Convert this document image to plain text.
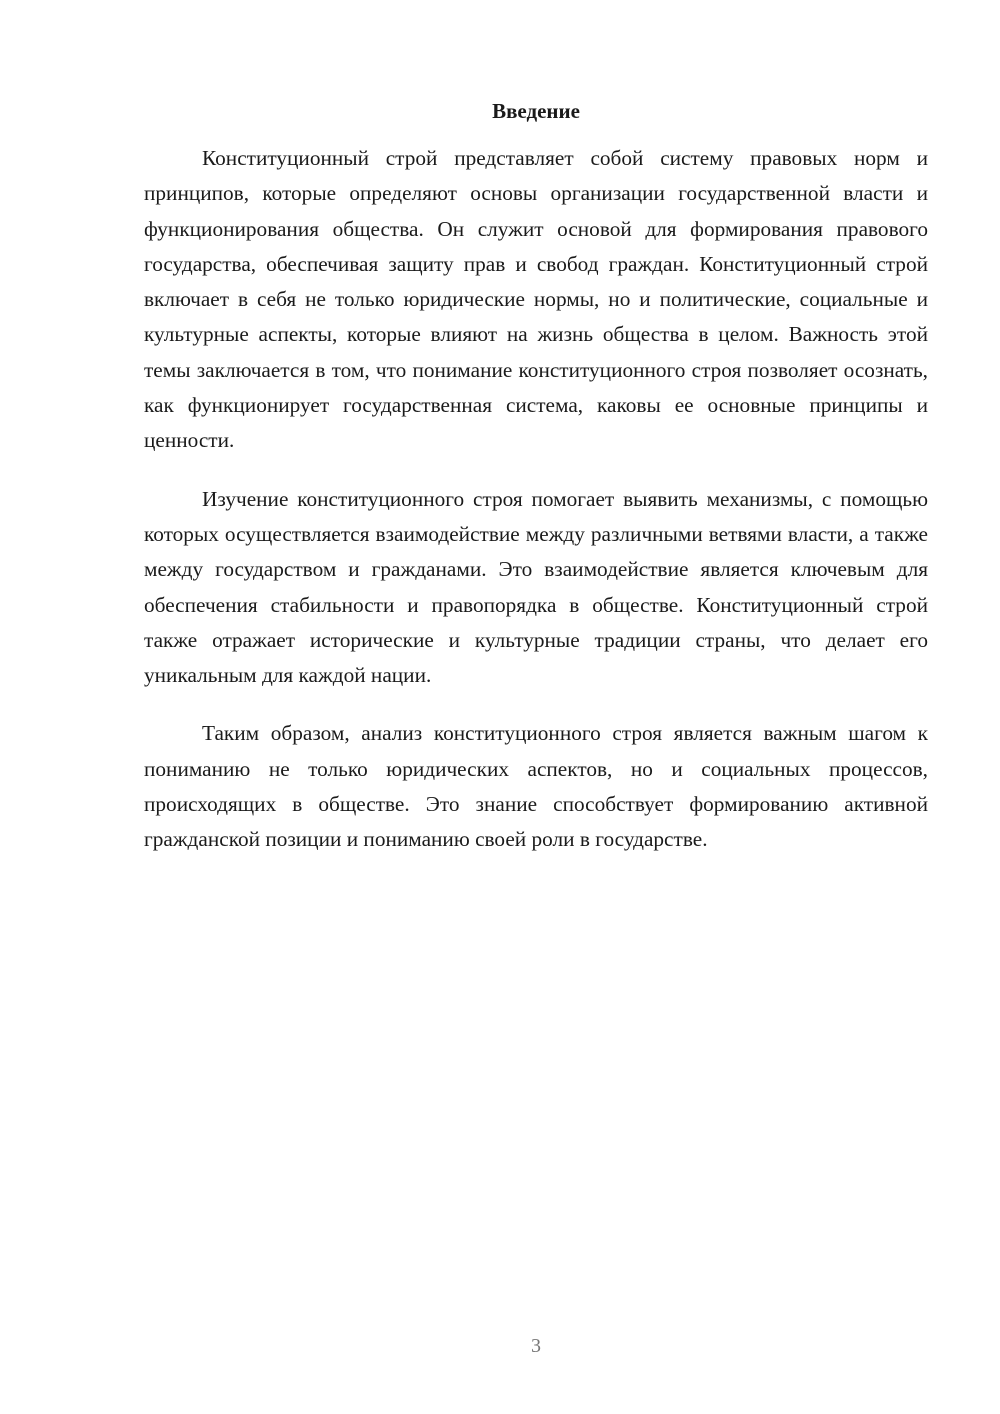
Введение

Конституционный строй представляет собой систему правовых норм и принципов, которые определяют основы организации государственной власти и функционирования общества. Он служит основой для формирования правового государства, обеспечивая защиту прав и свобод граждан. Конституционный строй включает в себя не только юридические нормы, но и политические, социальные и культурные аспекты, которые влияют на жизнь общества в целом. Важность этой темы заключается в том, что понимание конституционного строя позволяет осознать, как функционирует государственная система, каковы ее основные принципы и ценности.

Изучение конституционного строя помогает выявить механизмы, с помощью которых осуществляется взаимодействие между различными ветвями власти, а также между государством и гражданами. Это взаимодействие является ключевым для обеспечения стабильности и правопорядка в обществе. Конституционный строй также отражает исторические и культурные традиции страны, что делает его уникальным для каждой нации.

Таким образом, анализ конституционного строя является важным шагом к пониманию не только юридических аспектов, но и социальных процессов, происходящих в обществе. Это знание способствует формированию активной гражданской позиции и пониманию своей роли в государстве.

3
